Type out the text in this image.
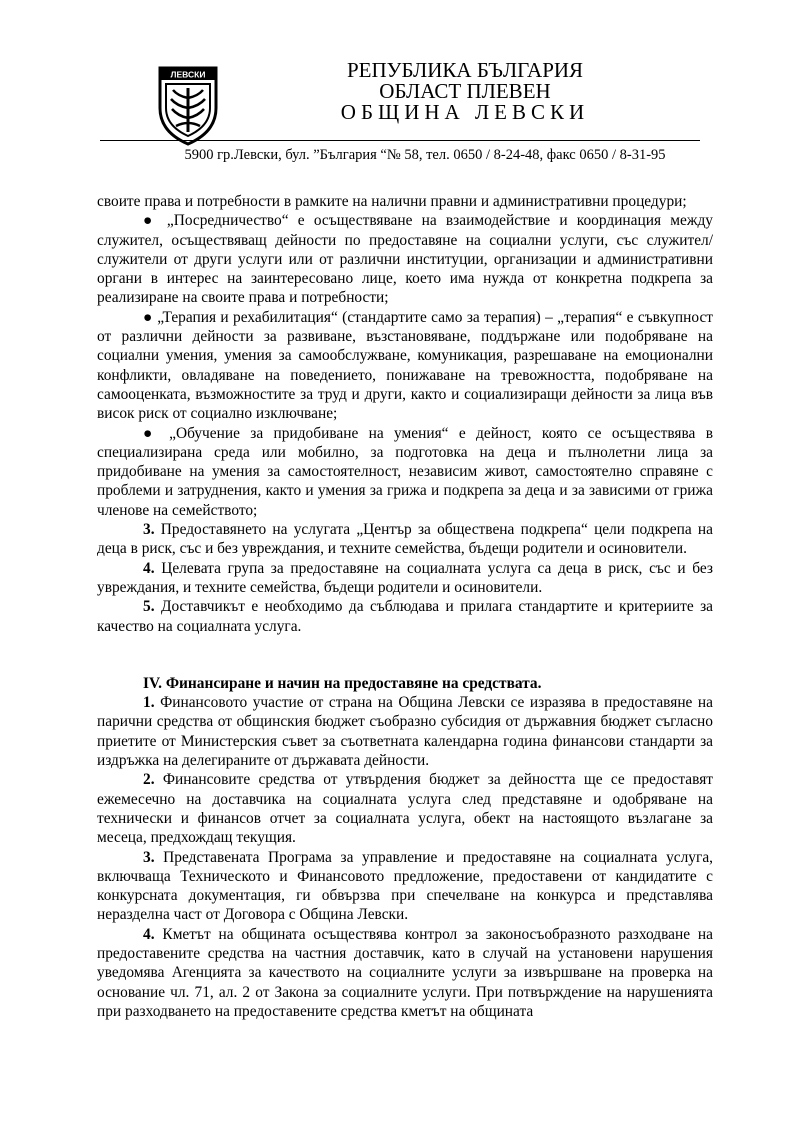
ЛЕВСКИ	РЕПУБЛИКА БЪЛГАРИЯ
ОБЛАСТ ПЛЕВЕН
ОБЩИНА ЛЕВСКИ
5900 гр.Левски, бул. ”България “№ 58, тел. 0650 / 8-24-48, факс 0650 / 8-31-95

своите права и потребности в рамките на налични правни и административни процедури;

● „Посредничество“ е осъществяване на взаимодействие и координация между служител, осъществяващ дейности по предоставяне на социални услуги, със служител/служители от други услуги или от различни институции, организации и административни органи в интерес на заинтересовано лице, което има нужда от конкретна подкрепа за реализиране на своите права и потребности;

● „Терапия и рехабилитация“ (стандартите само за терапия) – „терапия“ е съвкупност от различни дейности за развиване, възстановяване, поддържане или подобряване на социални умения, умения за самообслужване, комуникация, разрешаване на емоционални конфликти, овладяване на поведението, понижаване на тревожността, подобряване на самооценката, възможностите за труд и други, както и социализиращи дейности за лица във висок риск от социално изключване;

● „Обучение за придобиване на умения“ е дейност, която се осъществява в специализирана среда или мобилно, за подготовка на деца и пълнолетни лица за придобиване на умения за самостоятелност, независим живот, самостоятелно справяне с проблеми и затруднения, както и умения за грижа и подкрепа за деца и за зависими от грижа членове на семейството;

3. Предоставянето на услугата „Център за обществена подкрепа“ цели подкрепа на деца в риск, със и без увреждания, и техните семейства, бъдещи родители и осиновители.

4. Целевата група за предоставяне на социалната услуга са деца в риск, със и без увреждания, и техните семейства, бъдещи родители и осиновители.

5. Доставчикът е необходимо да съблюдава и прилага стандартите и критериите за качество на социалната услуга.

IV. Финансиране и начин на предоставяне на средствата.

1. Финансовото участие от страна на Община Левски се изразява в предоставяне на парични средства от общинския бюджет съобразно субсидия от държавния бюджет съгласно приетите от Министерския съвет за съответната календарна година финансови стандарти за издръжка на делегираните от държавата дейности.

2. Финансовите средства от утвърдения бюджет за дейността ще се предоставят ежемесечно на доставчика на социалната услуга след представяне и одобряване на технически и финансов отчет за социалната услуга, обект на настоящото възлагане за месеца, предхождащ текущия.

3. Представената Програма за управление и предоставяне на социалната услуга, включваща Техническото и Финансовото предложение, предоставени от кандидатите с конкурсната документация, ги обвързва при спечелване на конкурса и представлява неразделна част от Договора с Община Левски.

4. Кметът на общината осъществява контрол за законосъобразното разходване на предоставените средства на частния доставчик, като в случай на установени нарушения уведомява Агенцията за качеството на социалните услуги за извършване на проверка на основание чл. 71, ал. 2 от Закона за социалните услуги. При потвърждение на нарушенията при разходването на предоставените средства кметът на общината
